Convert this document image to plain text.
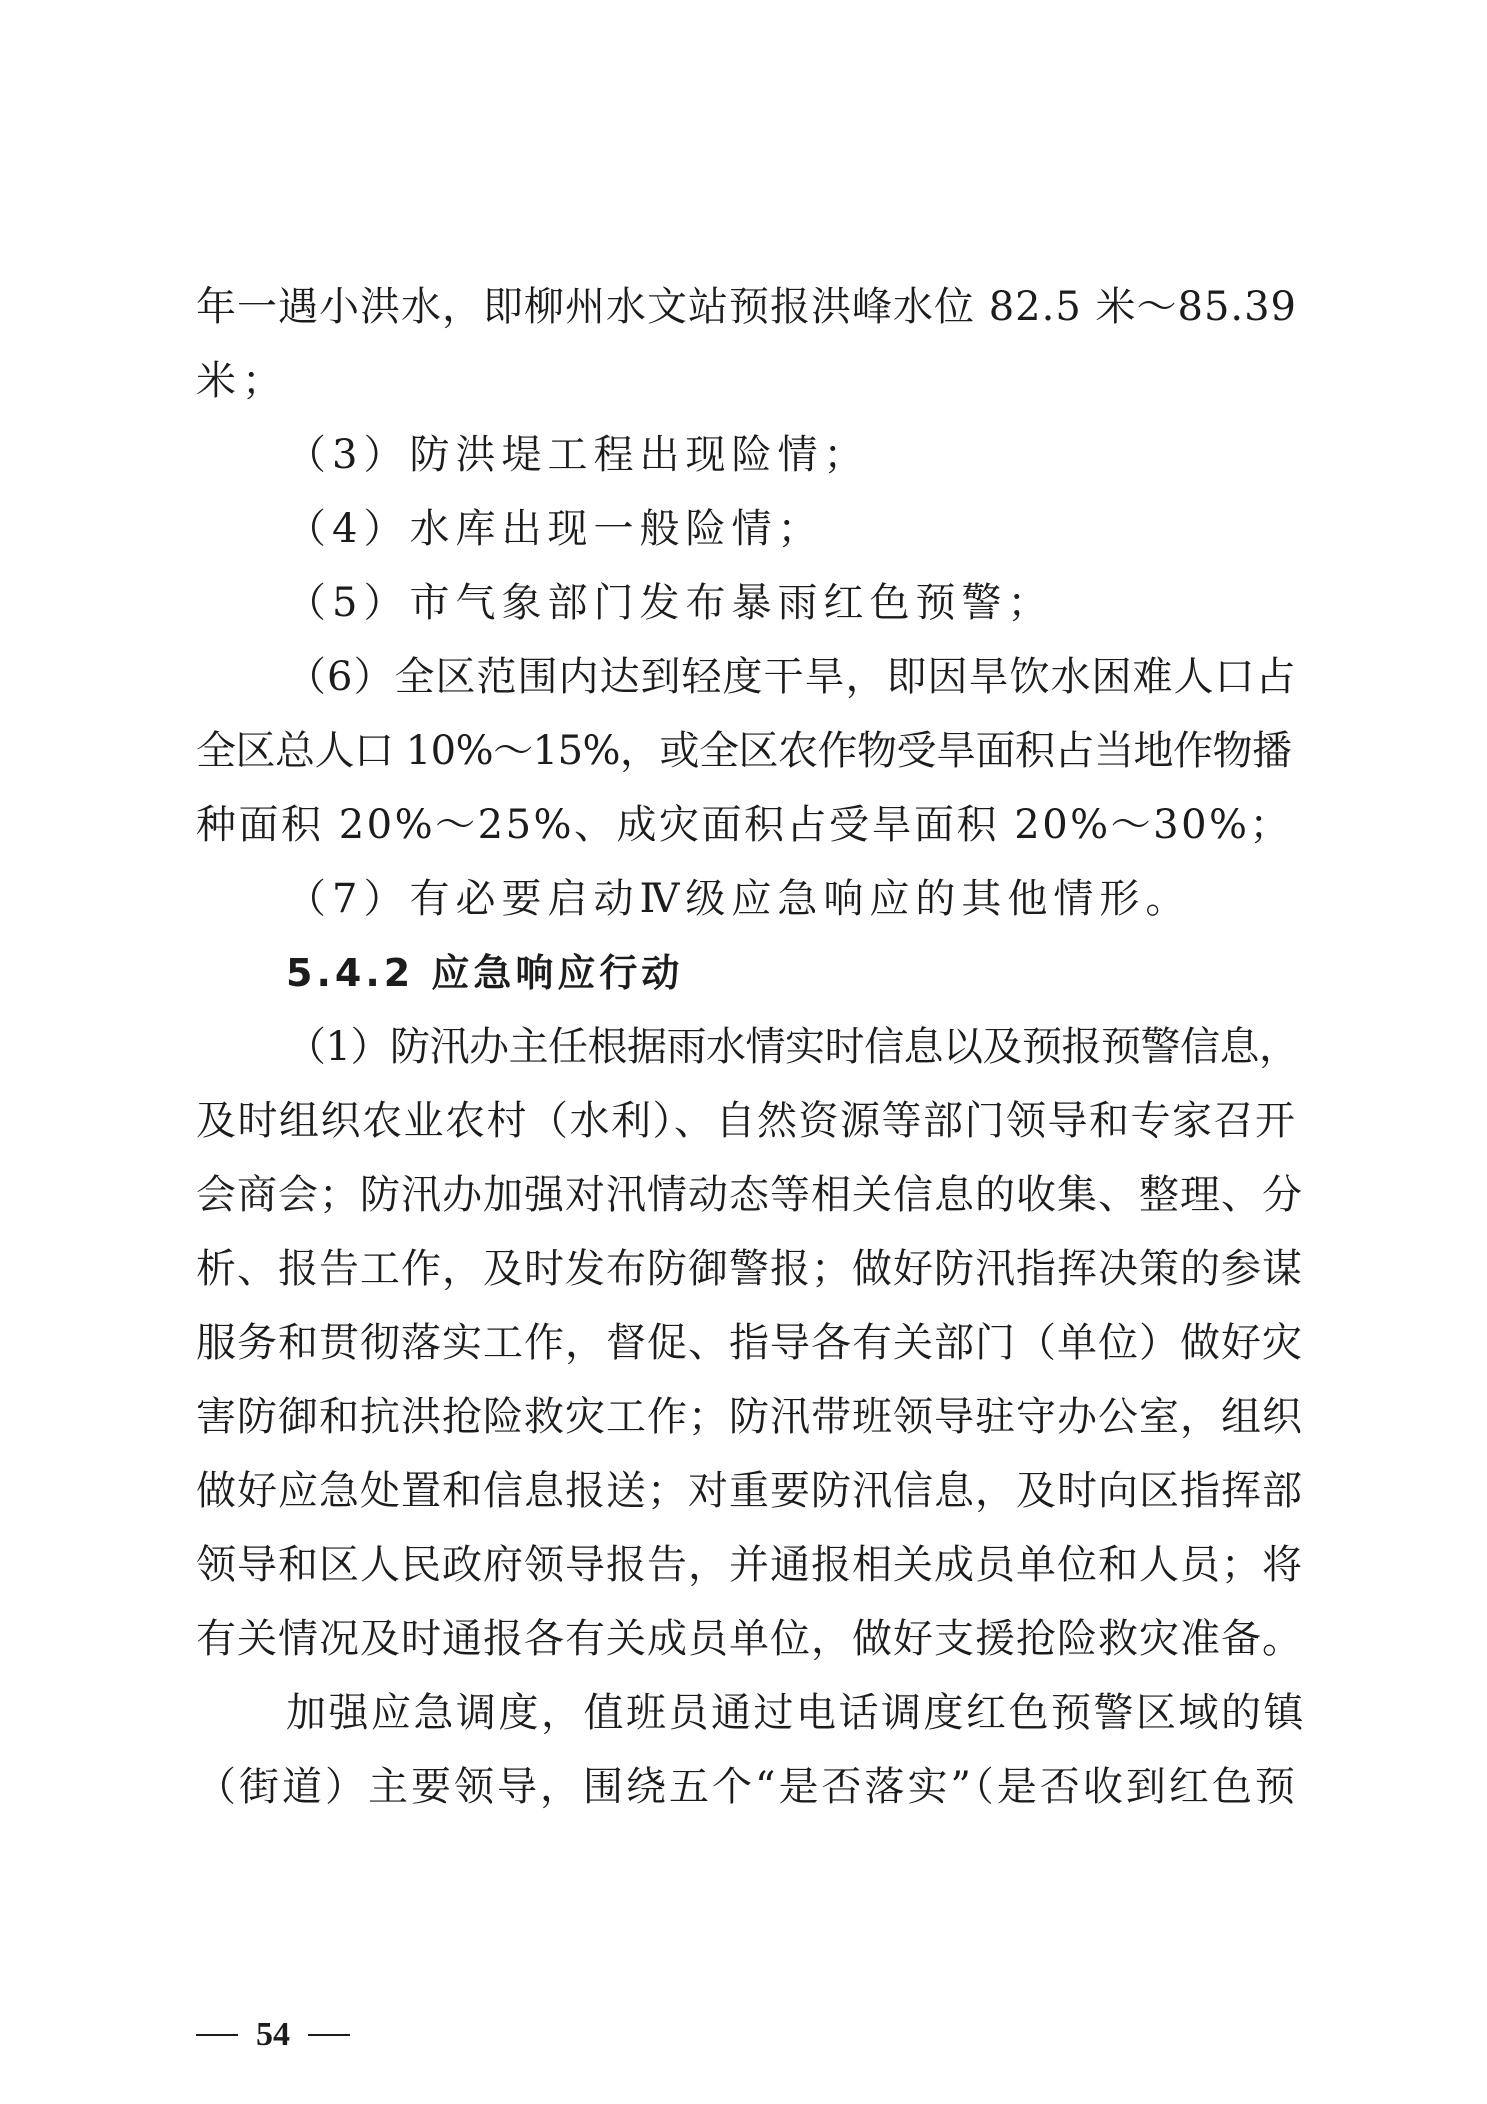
年一遇小洪水，即柳州水文站预报洪峰水位 82.5 米～85.39
米；
（3）防洪堤工程出现险情；
（4）水库出现一般险情；
（5）市气象部门发布暴雨红色预警；
（6）全区范围内达到轻度干旱，即因旱饮水困难人口占
全区总人口 10%～15%，或全区农作物受旱面积占当地作物播
种面积 20%～25%、成灾面积占受旱面积 20%～30%；
（7）有必要启动Ⅳ级应急响应的其他情形。
5.4.2 应急响应行动
（1）防汛办主任根据雨水情实时信息以及预报预警信息，
及时组织农业农村（水利）、自然资源等部门领导和专家召开
会商会；防汛办加强对汛情动态等相关信息的收集、整理、分
析、报告工作，及时发布防御警报；做好防汛指挥决策的参谋
服务和贯彻落实工作，督促、指导各有关部门（单位）做好灾
害防御和抗洪抢险救灾工作；防汛带班领导驻守办公室，组织
做好应急处置和信息报送；对重要防汛信息，及时向区指挥部
领导和区人民政府领导报告，并通报相关成员单位和人员；将
有关情况及时通报各有关成员单位，做好支援抢险救灾准备。
加强应急调度，值班员通过电话调度红色预警区域的镇
（街道）主要领导，围绕五个“是否落实”（是否收到红色预
54
